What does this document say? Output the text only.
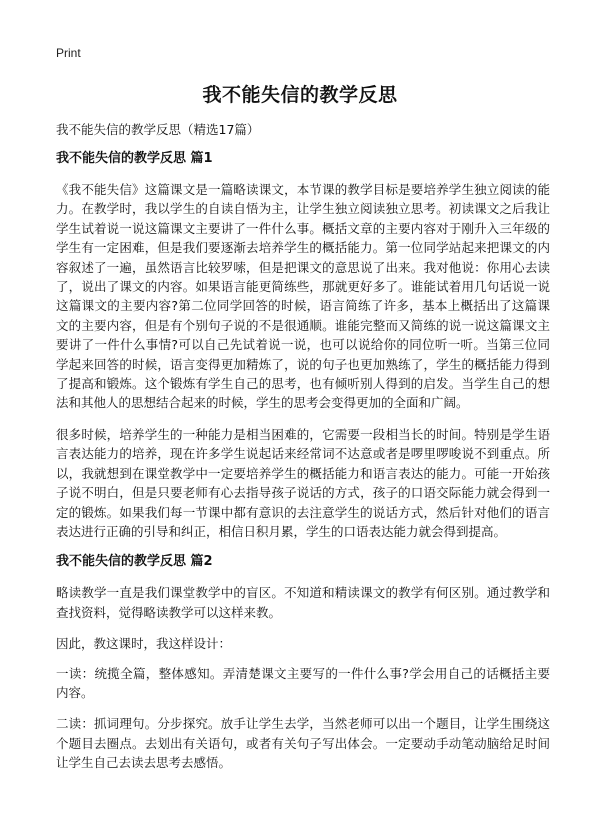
Print
我不能失信的教学反思
我不能失信的教学反思（精选17篇）
我不能失信的教学反思 篇1

《我不能失信》这篇课文是一篇略读课文，本节课的教学目标是要培养学生独立阅读的能力。在教学时，我以学生的自读自悟为主，让学生独立阅读独立思考。初读课文之后我让学生试着说一说这篇课文主要讲了一件什么事。概括文章的主要内容对于刚升入三年级的学生有一定困难，但是我们要逐渐去培养学生的概括能力。第一位同学站起来把课文的内容叙述了一遍，虽然语言比较罗嗦，但是把课文的意思说了出来。我对他说：你用心去读了，说出了课文的内容。如果语言能更简练些，那就更好多了。谁能试着用几句话说一说这篇课文的主要内容?第二位同学回答的时候，语言简练了许多，基本上概括出了这篇课文的主要内容，但是有个别句子说的不是很通顺。谁能完整而又简练的说一说这篇课文主要讲了一件什么事情?可以自己先试着说一说，也可以说给你的同位听一听。当第三位同学起来回答的时候，语言变得更加精炼了，说的句子也更加熟练了，学生的概括能力得到了提高和锻炼。这个锻炼有学生自己的思考，也有倾听别人得到的启发。当学生自己的想法和其他人的思想结合起来的时候，学生的思考会变得更加的全面和广阔。

很多时候，培养学生的一种能力是相当困难的，它需要一段相当长的时间。特别是学生语言表达能力的培养，现在许多学生说起话来经常词不达意或者是啰里啰唆说不到重点。所以，我就想到在课堂教学中一定要培养学生的概括能力和语言表达的能力。可能一开始孩子说不明白，但是只要老师有心去指导孩子说话的方式，孩子的口语交际能力就会得到一定的锻炼。如果我们每一节课中都有意识的去注意学生的说话方式，然后针对他们的语言表达进行正确的引导和纠正，相信日积月累，学生的口语表达能力就会得到提高。

我不能失信的教学反思 篇2

略读教学一直是我们课堂教学中的盲区。不知道和精读课文的教学有何区别。通过教学和查找资料，觉得略读教学可以这样来教。

因此，教这课时，我这样设计：

一读：统揽全篇，整体感知。弄清楚课文主要写的一件什么事?学会用自己的话概括主要内容。

二读：抓词理句。分步探究。放手让学生去学，当然老师可以出一个题目，让学生围绕这个题目去圈点。去划出有关语句，或者有关句子写出体会。一定要动手动笔动脑给足时间让学生自己去读去思考去感悟。
